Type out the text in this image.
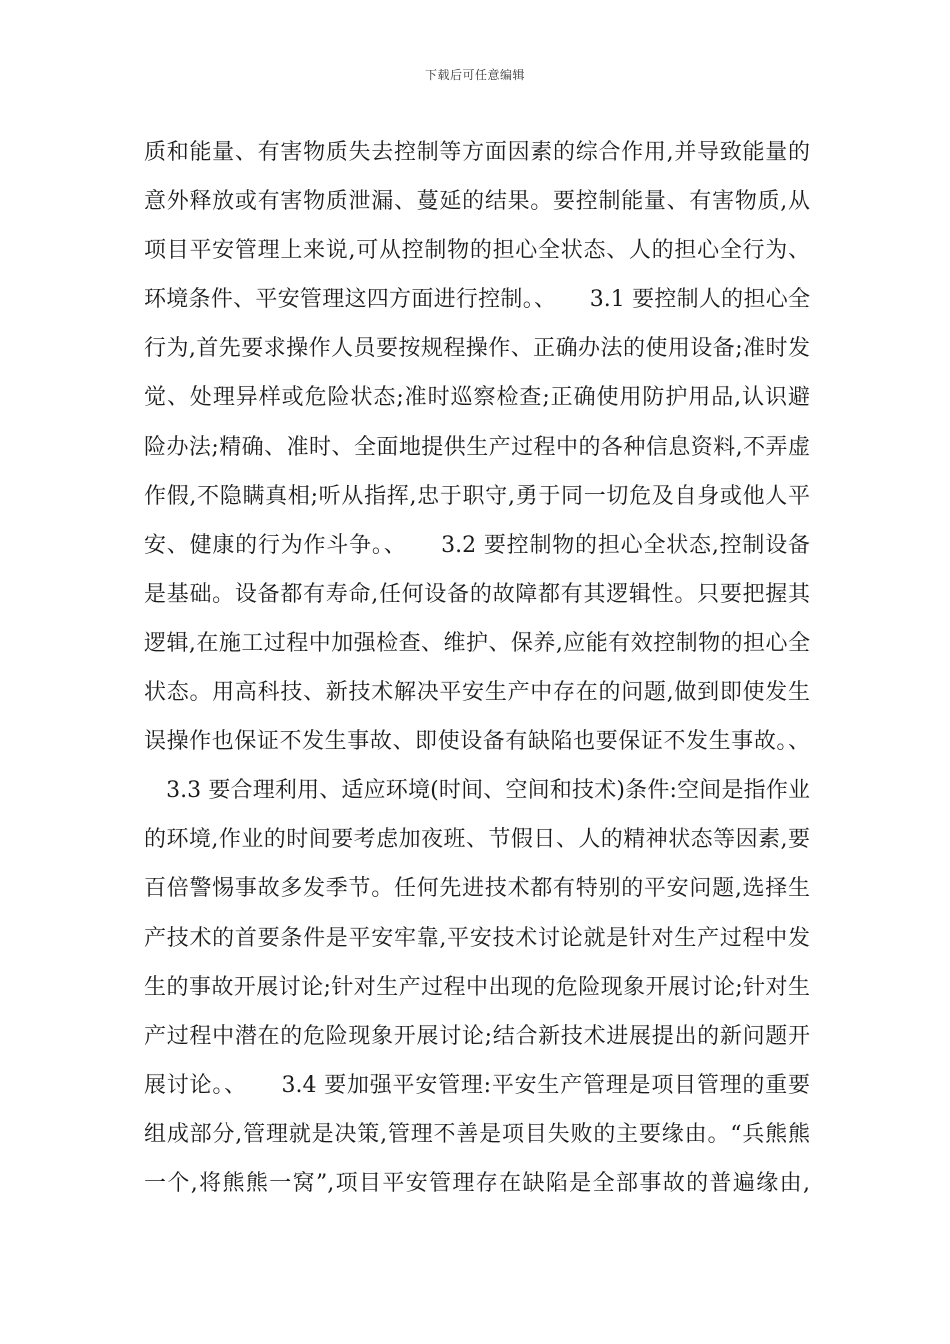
下载后可任意编辑
质和能量、有害物质失去控制等方面因素的综合作用,并导致能量的
意外释放或有害物质泄漏、蔓延的结果。要控制能量、有害物质,从
项目平安管理上来说,可从控制物的担心全状态、人的担心全行为、
环境条件、平安管理这四方面进行控制。、　　3.1 要控制人的担心全
行为,首先要求操作人员要按规程操作、正确办法的使用设备;准时发
觉、处理异样或危险状态;准时巡察检查;正确使用防护用品,认识避
险办法;精确、准时、全面地提供生产过程中的各种信息资料,不弄虚
作假,不隐瞒真相;听从指挥,忠于职守,勇于同一切危及自身或他人平
安、健康的行为作斗争。、　　3.2 要控制物的担心全状态,控制设备
是基础。设备都有寿命,任何设备的故障都有其逻辑性。只要把握其
逻辑,在施工过程中加强检查、维护、保养,应能有效控制物的担心全
状态。用高科技、新技术解决平安生产中存在的问题,做到即使发生
误操作也保证不发生事故、即使设备有缺陷也要保证不发生事故。、
　3.3 要合理利用、适应环境(时间、空间和技术)条件:空间是指作业
的环境,作业的时间要考虑加夜班、节假日、人的精神状态等因素,要
百倍警惕事故多发季节。任何先进技术都有特别的平安问题,选择生
产技术的首要条件是平安牢靠,平安技术讨论就是针对生产过程中发
生的事故开展讨论;针对生产过程中出现的危险现象开展讨论;针对生
产过程中潜在的危险现象开展讨论;结合新技术进展提出的新问题开
展讨论。、　　3.4 要加强平安管理:平安生产管理是项目管理的重要
组成部分,管理就是决策,管理不善是项目失败的主要缘由。“兵熊熊
一个,将熊熊一窝”,项目平安管理存在缺陷是全部事故的普遍缘由,
